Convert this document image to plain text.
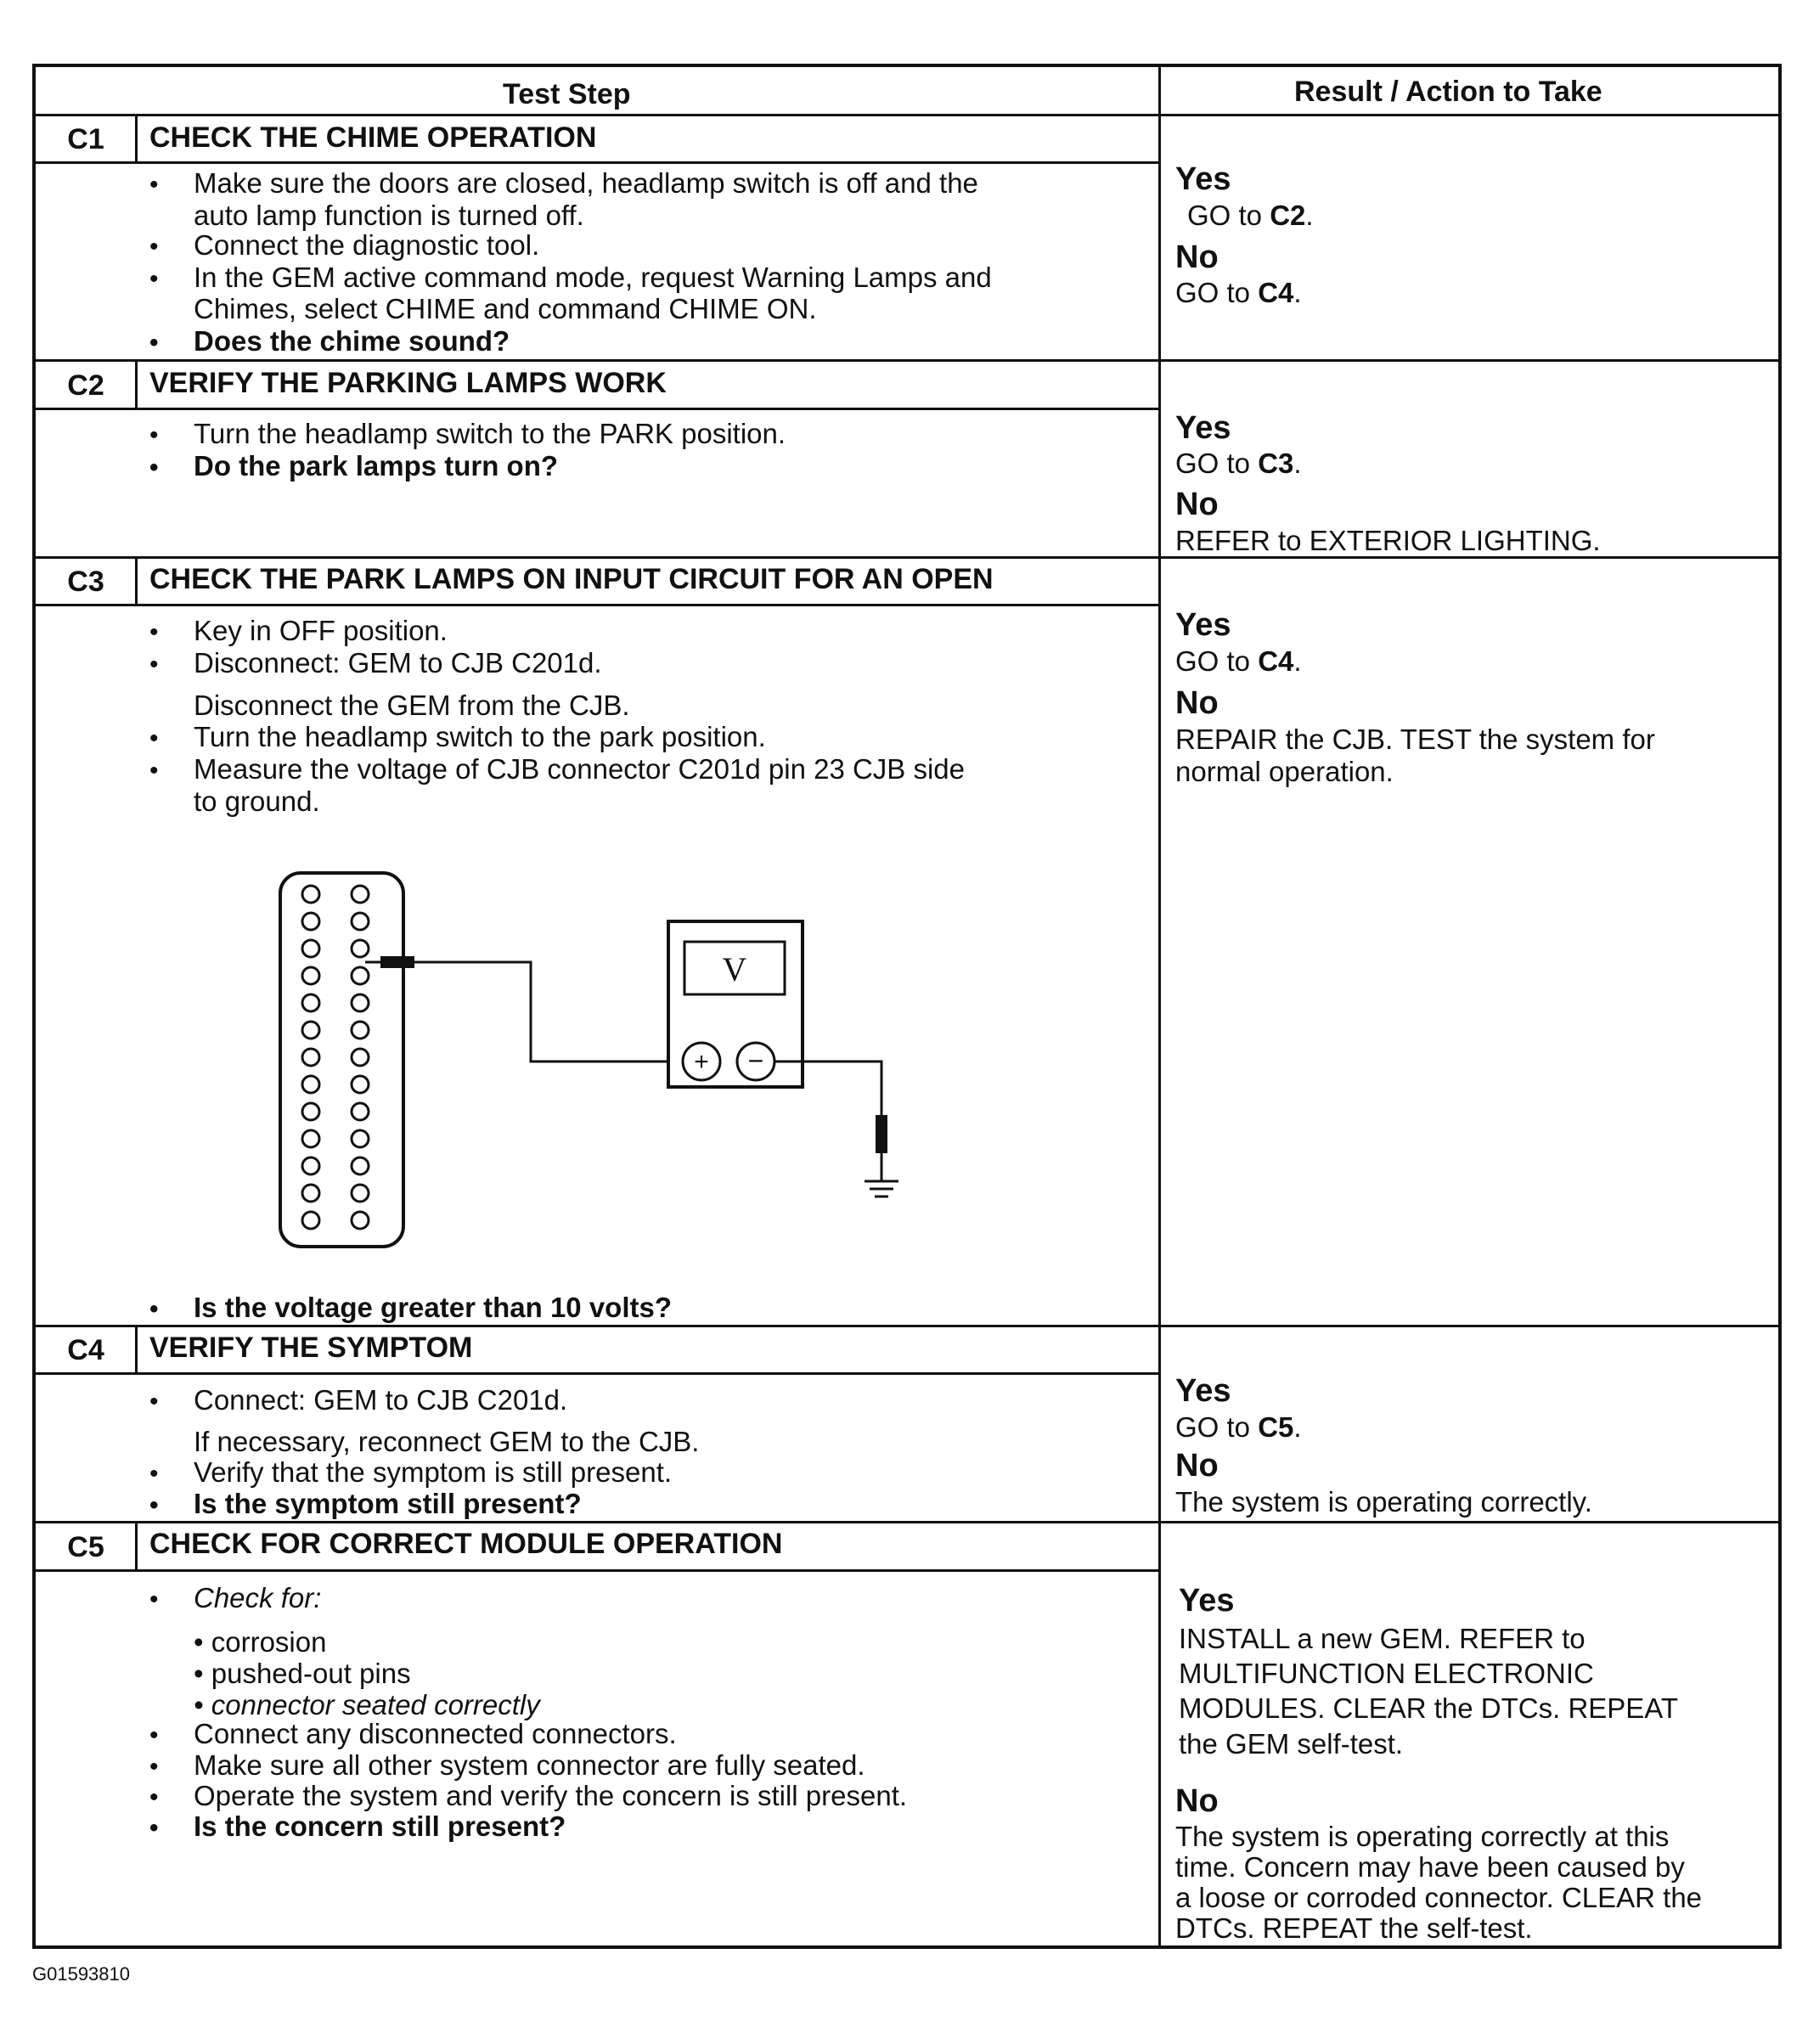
Test Step	Result / Action to Take
C1	CHECK THE CHIME OPERATION
• Make sure the doors are closed, headlamp switch is off and the
auto lamp function is turned off.
• Connect the diagnostic tool.
• In the GEM active command mode, request Warning Lamps and
Chimes, select CHIME and command CHIME ON.
• Does the chime sound?
Yes
GO to C2.
No
GO to C4.
C2	VERIFY THE PARKING LAMPS WORK
• Turn the headlamp switch to the PARK position.
• Do the park lamps turn on?
Yes
GO to C3.
No
REFER to EXTERIOR LIGHTING.
C3	CHECK THE PARK LAMPS ON INPUT CIRCUIT FOR AN OPEN
• Key in OFF position.
• Disconnect: GEM to CJB C201d.
Disconnect the GEM from the CJB.
• Turn the headlamp switch to the park position.
• Measure the voltage of CJB connector C201d pin 23 CJB side
to ground.
• Is the voltage greater than 10 volts?
Yes
GO to C4.
No
REPAIR the CJB. TEST the system for
normal operation.
C4	VERIFY THE SYMPTOM
• Connect: GEM to CJB C201d.
If necessary, reconnect GEM to the CJB.
• Verify that the symptom is still present.
• Is the symptom still present?
Yes
GO to C5.
No
The system is operating correctly.
C5	CHECK FOR CORRECT MODULE OPERATION
• Check for:
• corrosion
• pushed-out pins
• connector seated correctly
• Connect any disconnected connectors.
• Make sure all other system connector are fully seated.
• Operate the system and verify the concern is still present.
• Is the concern still present?
Yes
INSTALL a new GEM. REFER to
MULTIFUNCTION ELECTRONIC
MODULES. CLEAR the DTCs. REPEAT
the GEM self-test.
No
The system is operating correctly at this
time. Concern may have been caused by
a loose or corroded connector. CLEAR the
DTCs. REPEAT the self-test.
V
+ −
G01593810
